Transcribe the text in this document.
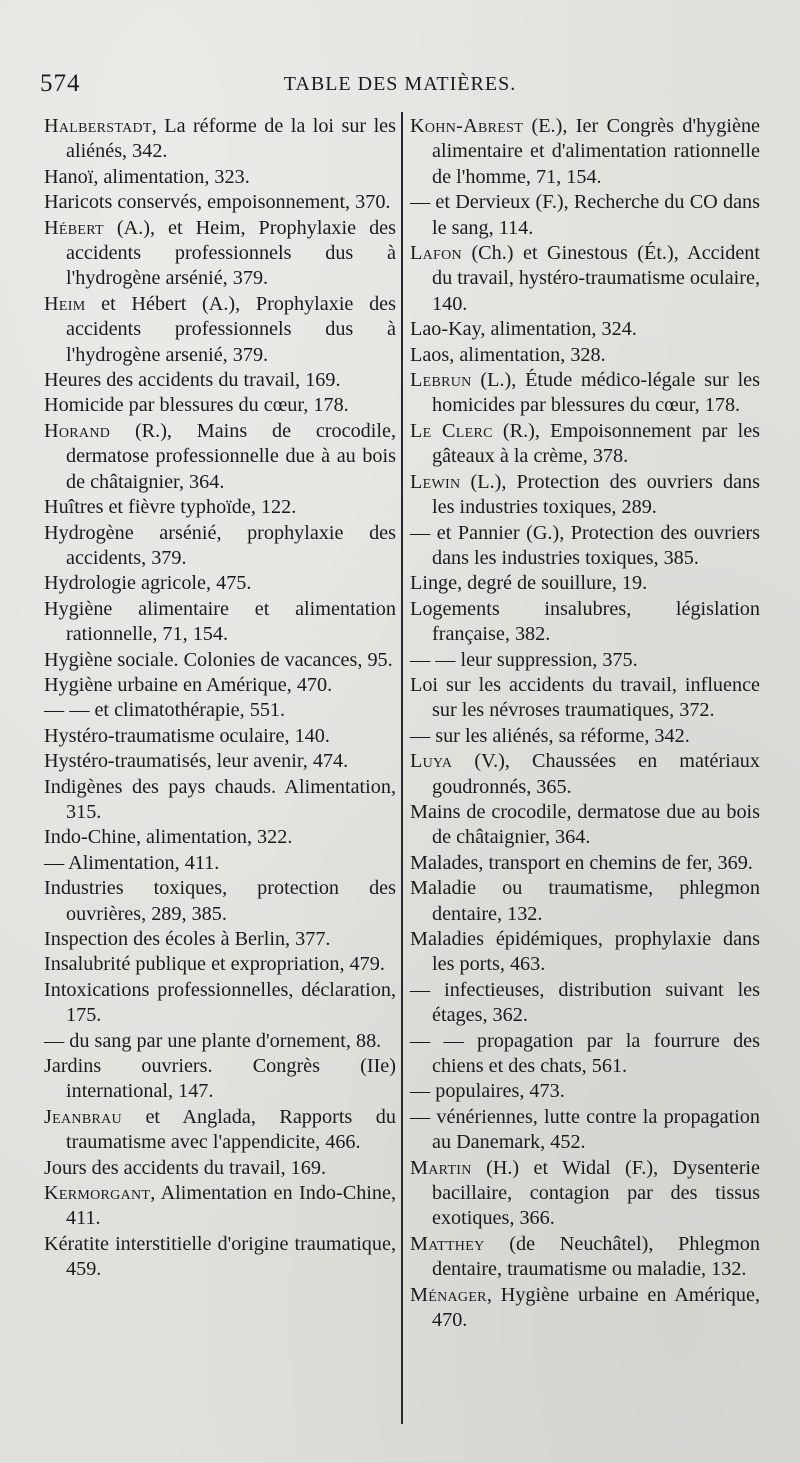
574	TABLE DES MATIÈRES.

Halberstadt, La réforme de la loi sur les aliénés, 342.

Hanoï, alimentation, 323.

Haricots conservés, empoisonnement, 370.

Hébert (A.), et Heim, Prophylaxie des accidents professionnels dus à l'hydrogène arsénié, 379.

Heim et Hébert (A.), Prophylaxie des accidents professionnels dus à l'hydrogène arsenié, 379.

Heures des accidents du travail, 169.

Homicide par blessures du cœur, 178.

Horand (R.), Mains de crocodile, dermatose professionnelle due à au bois de châtaignier, 364.

Huîtres et fièvre typhoïde, 122.

Hydrogène arsénié, prophylaxie des accidents, 379.

Hydrologie agricole, 475.

Hygiène alimentaire et alimentation rationnelle, 71, 154.

Hygiène sociale. Colonies de vacances, 95.

Hygiène urbaine en Amérique, 470.

— — et climatothérapie, 551.

Hystéro-traumatisme oculaire, 140.

Hystéro-traumatisés, leur avenir, 474.

Indigènes des pays chauds. Alimentation, 315.

Indo-Chine, alimentation, 322.

— Alimentation, 411.

Industries toxiques, protection des ouvrières, 289, 385.

Inspection des écoles à Berlin, 377.

Insalubrité publique et expropriation, 479.

Intoxications professionnelles, déclaration, 175.

— du sang par une plante d'ornement, 88.

Jardins ouvriers. Congrès (IIe) international, 147.

Jeanbrau et Anglada, Rapports du traumatisme avec l'appendicite, 466.

Jours des accidents du travail, 169.

Kermorgant, Alimentation en Indo-Chine, 411.

Kératite interstitielle d'origine traumatique, 459.

Kohn-Abrest (E.), Ier Congrès d'hygiène alimentaire et d'alimentation rationnelle de l'homme, 71, 154.

— et Dervieux (F.), Recherche du CO dans le sang, 114.

Lafon (Ch.) et Ginestous (Ét.), Accident du travail, hystéro-traumatisme oculaire, 140.

Lao-Kay, alimentation, 324.

Laos, alimentation, 328.

Lebrun (L.), Étude médico-légale sur les homicides par blessures du cœur, 178.

Le Clerc (R.), Empoisonnement par les gâteaux à la crème, 378.

Lewin (L.), Protection des ouvriers dans les industries toxiques, 289.

— et Pannier (G.), Protection des ouvriers dans les industries toxiques, 385.

Linge, degré de souillure, 19.

Logements insalubres, législation française, 382.

— — leur suppression, 375.

Loi sur les accidents du travail, influence sur les névroses traumatiques, 372.

— sur les aliénés, sa réforme, 342.

Luya (V.), Chaussées en matériaux goudronnés, 365.

Mains de crocodile, dermatose due au bois de châtaignier, 364.

Malades, transport en chemins de fer, 369.

Maladie ou traumatisme, phlegmon dentaire, 132.

Maladies épidémiques, prophylaxie dans les ports, 463.

— infectieuses, distribution suivant les étages, 362.

— — propagation par la fourrure des chiens et des chats, 561.

— populaires, 473.

— vénériennes, lutte contre la propagation au Danemark, 452.

Martin (H.) et Widal (F.), Dysenterie bacillaire, contagion par des tissus exotiques, 366.

Matthey (de Neuchâtel), Phlegmon dentaire, traumatisme ou maladie, 132.

Ménager, Hygiène urbaine en Amérique, 470.
